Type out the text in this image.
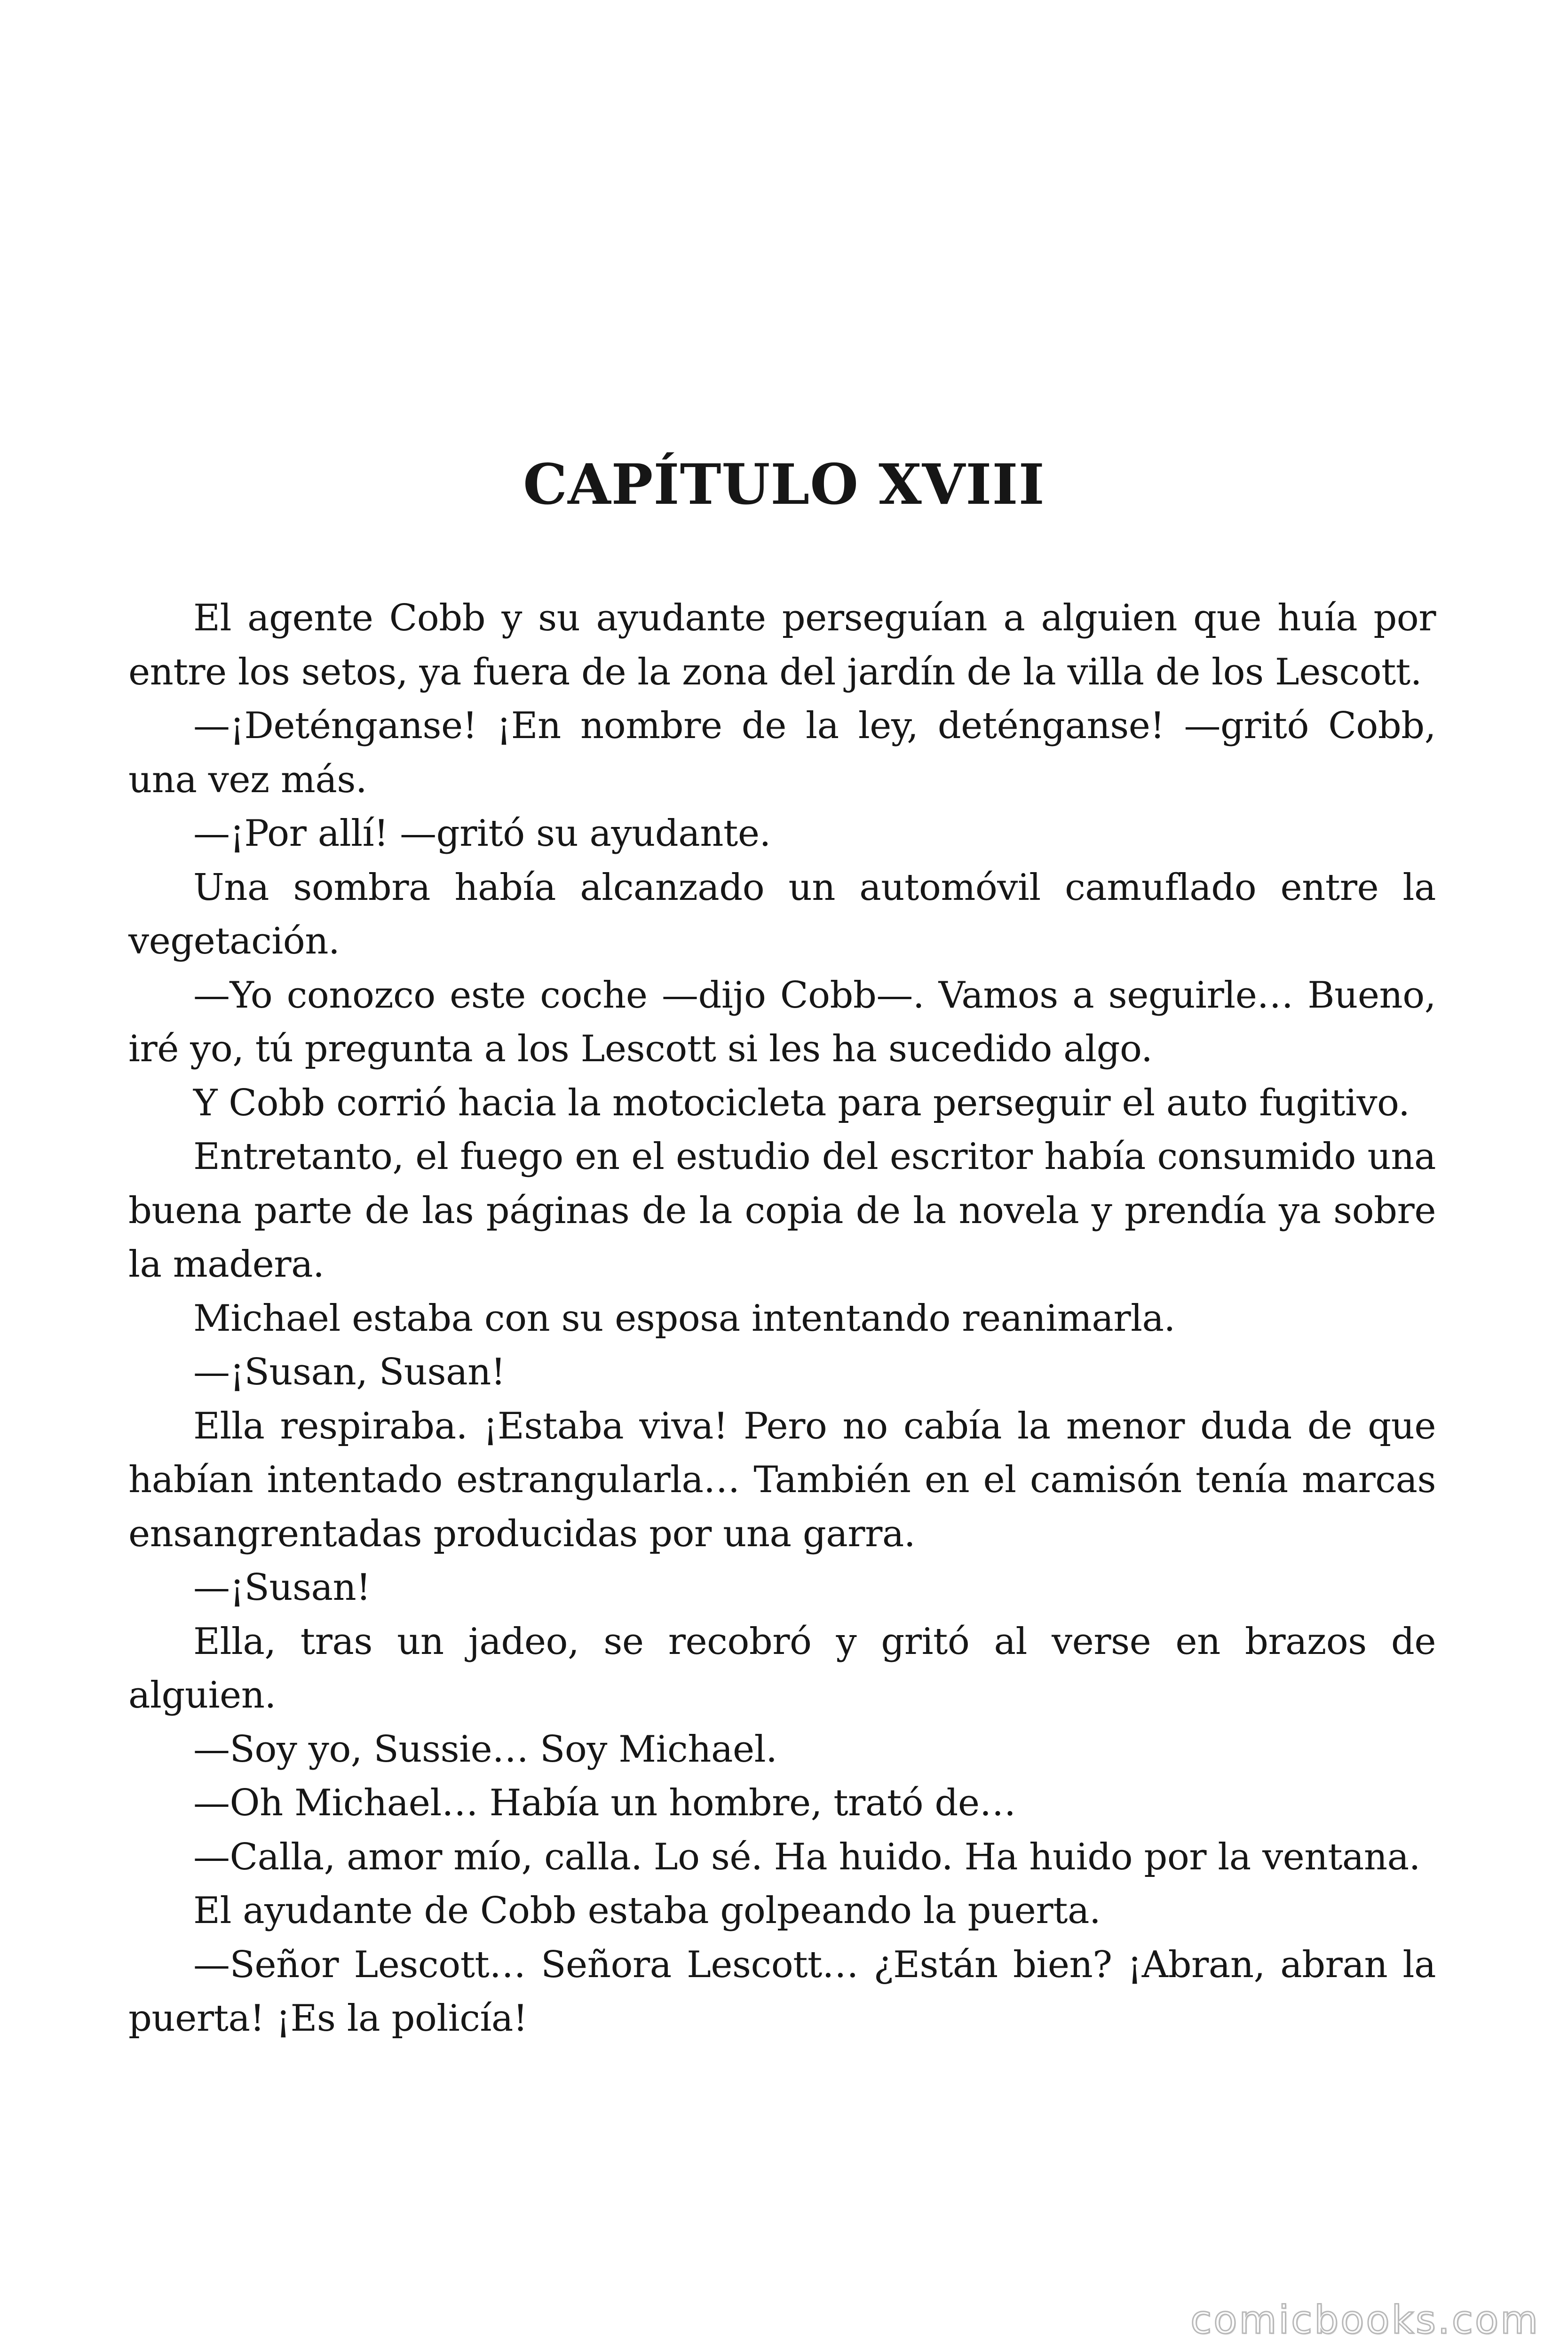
CAPÍTULO XVIII

El agente Cobb y su ayudante perseguían a alguien que huía por entre los setos, ya fuera de la zona del jardín de la villa de los Lescott.

—¡Deténganse! ¡En nombre de la ley, deténganse! —gritó Cobb, una vez más.

—¡Por allí! —gritó su ayudante.

Una sombra había alcanzado un automóvil camuflado entre la vegetación.

—Yo conozco este coche —dijo Cobb—. Vamos a seguirle… Bueno, iré yo, tú pregunta a los Lescott si les ha sucedido algo.

Y Cobb corrió hacia la motocicleta para perseguir el auto fugitivo.

Entretanto, el fuego en el estudio del escritor había consumido una buena parte de las páginas de la copia de la novela y prendía ya sobre la madera.

Michael estaba con su esposa intentando reanimarla.

—¡Susan, Susan!

Ella respiraba. ¡Estaba viva! Pero no cabía la menor duda de que habían intentado estrangularla… También en el camisón tenía marcas ensangrentadas producidas por una garra.

—¡Susan!

Ella, tras un jadeo, se recobró y gritó al verse en brazos de alguien.

—Soy yo, Sussie… Soy Michael.

—Oh Michael… Había un hombre, trató de…

—Calla, amor mío, calla. Lo sé. Ha huido. Ha huido por la ventana.

El ayudante de Cobb estaba golpeando la puerta.

—Señor Lescott… Señora Lescott… ¿Están bien? ¡Abran, abran la puerta! ¡Es la policía!

comicbooks.com
